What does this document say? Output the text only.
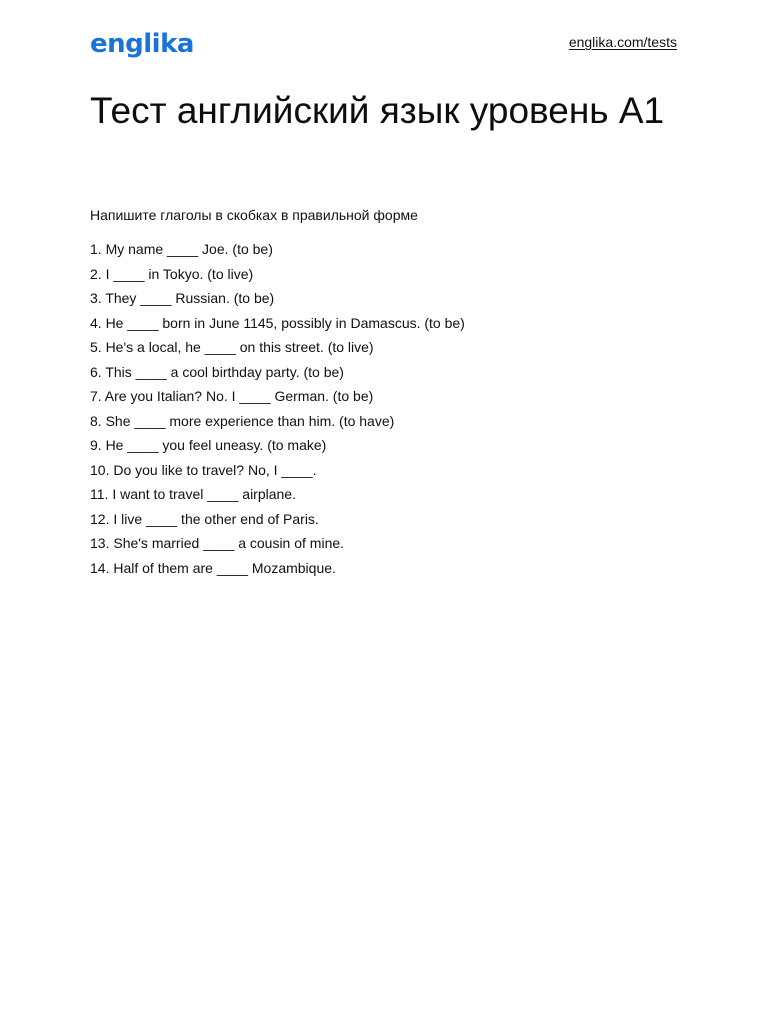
englika	englika.com/tests
Тест английский язык уровень А1

Напишите глаголы в скобках в правильной форме

1. My name ____ Joe. (to be)
2. I ____ in Tokyo. (to live)
3. They ____ Russian. (to be)
4. He ____ born in June 1145, possibly in Damascus. (to be)
5. He's a local, he ____ on this street. (to live)
6. This ____ a cool birthday party. (to be)
7. Are you Italian? No. I ____ German. (to be)
8. She ____ more experience than him. (to have)
9. He ____ you feel uneasy. (to make)
10. Do you like to travel? No, I ____.
11. I want to travel ____ airplane.
12. I live ____ the other end of Paris.
13. She's married ____ a cousin of mine.
14. Half of them are ____ Mozambique.
